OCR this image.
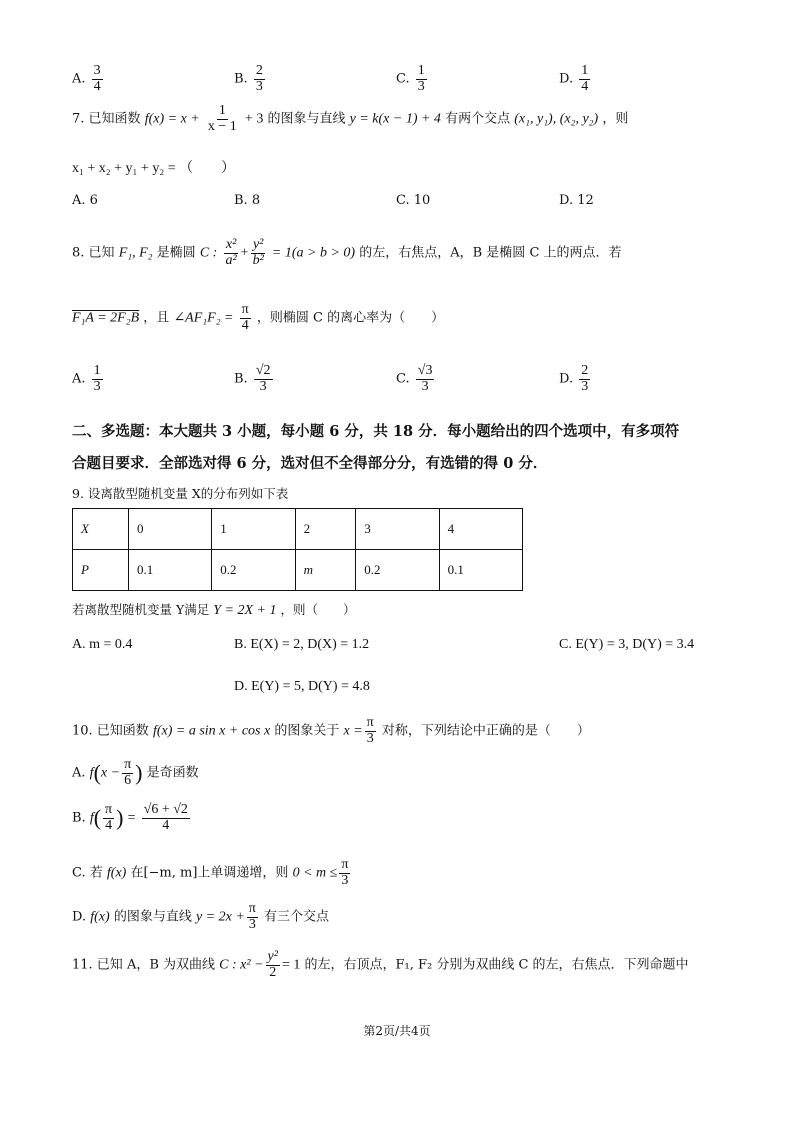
A. $\frac{3}{4}$	B. $\frac{2}{3}$	C. $\frac{1}{3}$	D. $\frac{1}{4}$
7. 已知函数 $f(x) = x + \frac{1}{x - 1} + 3$ 的图象与直线 y = k(x − 1) + 4 有两个交点 (x₁, y₁), (x₂, y₂) ，则
x₁ + x₂ + y₁ + y₂ = （　　）
A. 6	B. 8	C. 10	D. 12
8. 已知 F₁, F₂ 是椭圆 C : $\frac{\text{x²}}{\text{a²}} + \frac{\text{y²}}{\text{b²}} = 1(a > b > 0)$ 的左，右焦点，A，B 是椭圆 C 上的两点．若
F₁A = 2F₂B ，且 ∠AF₁F₂ = $\frac{\pi}{4}$ ，则椭圆 C 的离心率为（　　）
A. $\frac{1}{3}$	B. $\frac{√2}{3}$	C. $\frac{√3}{3}$	D. $\frac{2}{3}$
二、多选题：本大题共 3 小题，每小题 6 分，共 18 分．每小题给出的四个选项中，有多项符
合题目要求．全部选对得 6 分，选对但不全得部分分，有选错的得 0 分．
9. 设离散型随机变量 X的分布列如下表
X	0	1	2	3	4
P	0.1	0.2	m	0.2	0.1
若离散型随机变量 Y满足 Y = 2X + 1 ，则（　　）
A. m = 0.4	B. E(X) = 2, D(X) = 1.2	C. E(Y) = 3, D(Y) = 3.4
D. E(Y) = 5, D(Y) = 4.8
10. 已知函数 f(x) = a sin x + cos x 的图象关于 $x = \frac{\pi}{3}$ 对称，下列结论中正确的是（　　）
A. $f(x - \frac{\pi}{6}$ ) 是奇函数
B. $f( \frac{\pi}{4}$ ) = $\frac{√6 + √2}{4}$
C. 若 f(x) 在[−m, m]上单调递增，则 $0 < m \le \frac{\pi}{3}$
D. f(x) 的图象与直线 $y = 2x + \frac{\pi}{3}$ 有三个交点
11. 已知 A，B 为双曲线 C : $x^2 - \frac{\text{y²}}{2} = 1$ 的左，右顶点，F₁, F₂ 分别为双曲线 C 的左，右焦点．下列命题中
第2页/共4页
